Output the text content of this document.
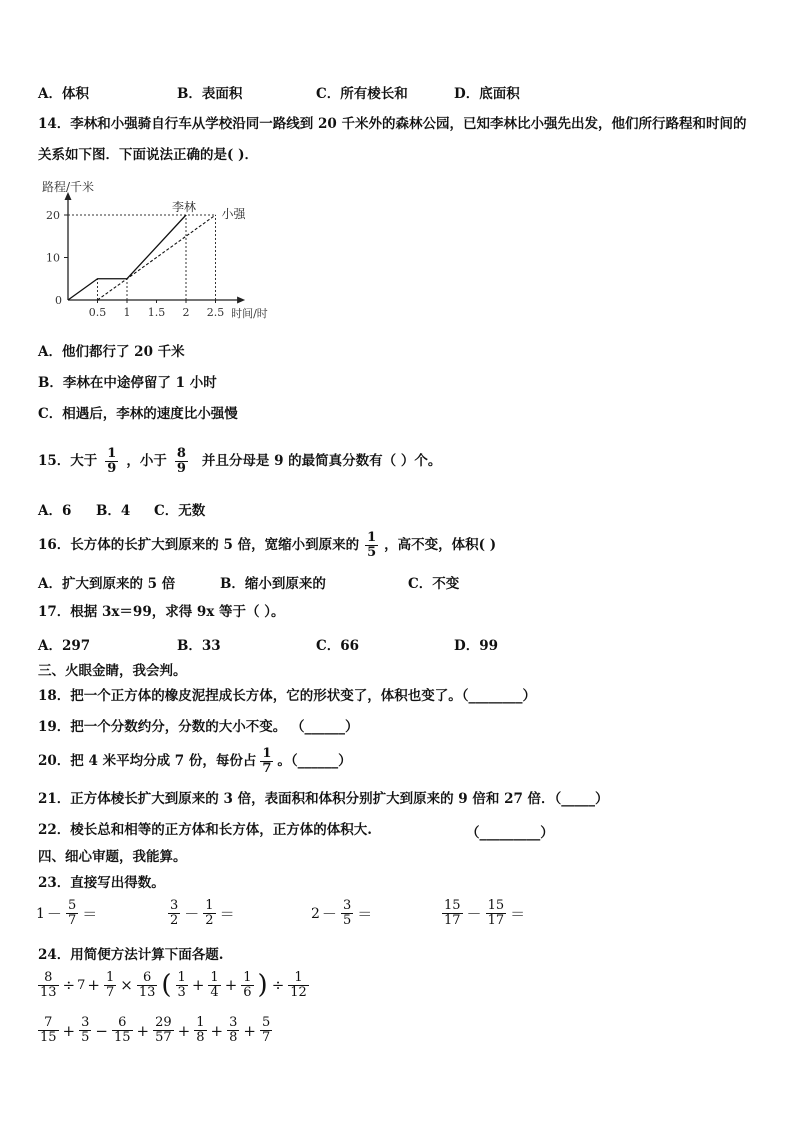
A．体积	B．表面积	C．所有棱长和	D．底面积
14．李林和小强骑自行车从学校沿同一路线到 20 千米外的森林公园，已知李林比小强先出发，他们所行路程和时间的
关系如下图．下面说法正确的是( )．
路程/千米
时间/时
20
10
0
0.5 1 1.5 2 2.5
李林 小强
A．他们都行了 20 千米
B．李林在中途停留了 1 小时
C．相遇后，李林的速度比小强慢
15．大于 $\frac{1}{9}$ ，小于 $\frac{8}{9}$ 并且分母是 9 的最简真分数有（ ）个。
A．6 B．4 C．无数
16．长方体的长扩大到原来的 5 倍，宽缩小到原来的 $\frac{1}{5}$ ，高不变，体积( )
A．扩大到原来的 5 倍	B．缩小到原来的	C．不变
17．根据 3x＝99，求得 9x 等于（ ）。
A．297	B．33	C．66	D．99
三、火眼金睛，我会判。
18．把一个正方体的橡皮泥捏成长方体，它的形状变了，体积也变了。（________）
19．把一个分数约分，分数的大小不变。 （______）
20．把 4 米平均分成 7 份，每份占 $\frac{1}{7}$ 。（______）
21．正方体棱长扩大到原来的 3 倍，表面积和体积分别扩大到原来的 9 倍和 27 倍．（_____）
22．棱长总和相等的正方体和长方体，正方体的体积大.	（_________）
四、细心审题，我能算。
23．直接写出得数。
$1 - \frac{5}{7}$ ＝	$\frac{3}{2} - \frac{1}{2}$ ＝	$2 - \frac{3}{5}$ ＝	$\frac{15}{17} - \frac{15}{17}$ ＝
24．用简便方法计算下面各题.
$\frac{8}{13} \div 7 + \frac{1}{7} \times \frac{6}{13}$ ( $\frac{1}{3} + \frac{1}{4} + \frac{1}{6}$ ) ÷ $\frac{1}{12}$
$\frac{7}{15} + \frac{3}{5} - \frac{6}{15} + \frac{29}{57} + \frac{1}{8} + \frac{3}{8} + \frac{5}{7}$
